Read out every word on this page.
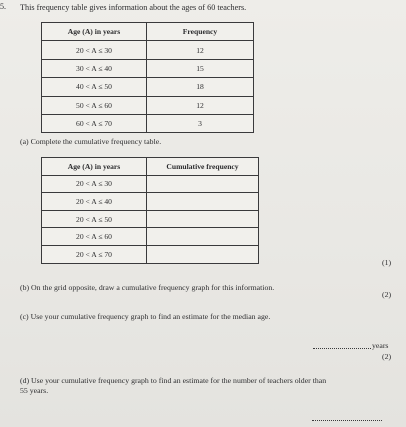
5. This frequency table gives information about the ages of 60 teachers.
Age (A) in years	Frequency
20 < A ≤ 30	12
30 < A ≤ 40	15
40 < A ≤ 50	18
50 < A ≤ 60	12
60 < A ≤ 70	3
(a) Complete the cumulative frequency table.
Age (A) in years	Cumulative frequency
20 < A ≤ 30	
20 < A ≤ 40	
20 < A ≤ 50	
20 < A ≤ 60	
20 < A ≤ 70	
(1)
(b) On the grid opposite, draw a cumulative frequency graph for this information.
(2)
(c) Use your cumulative frequency graph to find an estimate for the median age.
years
(2)
(d) Use your cumulative frequency graph to find an estimate for the number of teachers older than
55 years.
